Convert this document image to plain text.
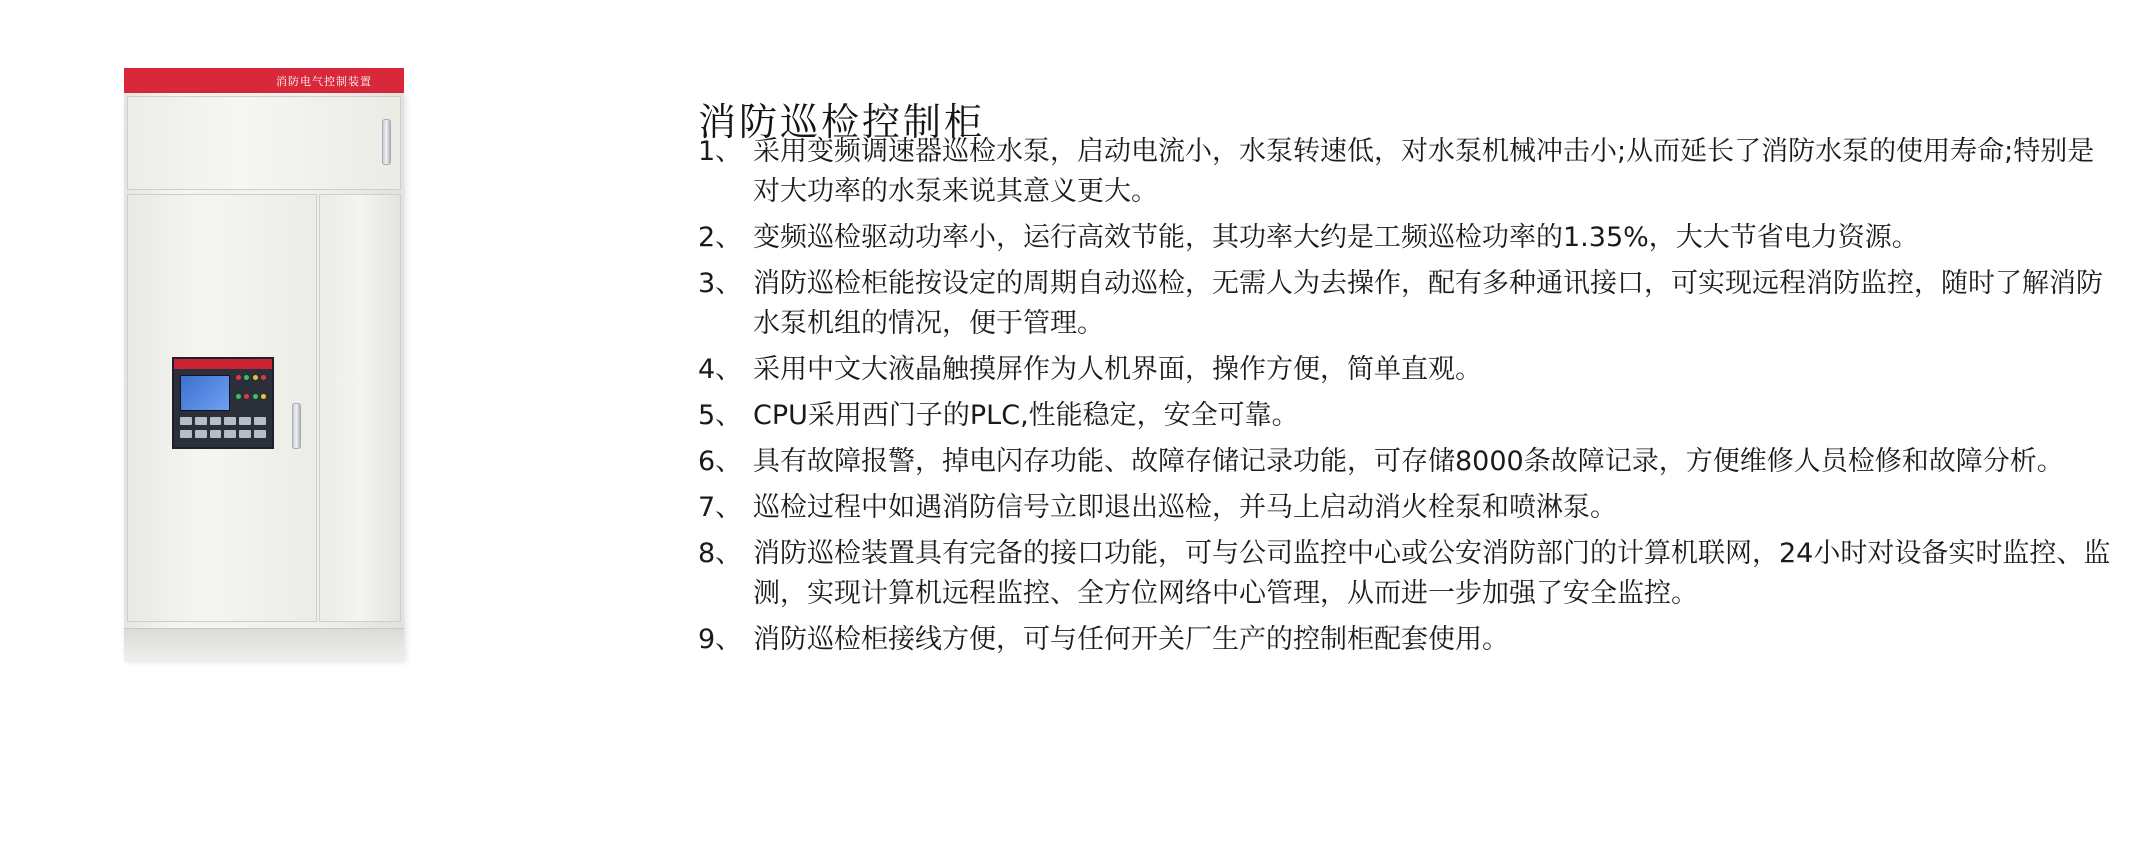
消防电气控制装置
消防巡检控制柜
1、 采用变频调速器巡检水泵，启动电流小，水泵转速低，对水泵机械冲击小;从而延长了消防水泵的使用寿命;特别是对大功率的水泵来说其意义更大。
2、 变频巡检驱动功率小，运行高效节能，其功率大约是工频巡检功率的1.35%，大大节省电力资源。
3、 消防巡检柜能按设定的周期自动巡检，无需人为去操作，配有多种通讯接口，可实现远程消防监控，随时了解消防水泵机组的情况，便于管理。
4、 采用中文大液晶触摸屏作为人机界面，操作方便，简单直观。
5、 CPU采用西门子的PLC,性能稳定，安全可靠。
6、 具有故障报警，掉电闪存功能、故障存储记录功能，可存储8000条故障记录，方便维修人员检修和故障分析。
7、 巡检过程中如遇消防信号立即退出巡检，并马上启动消火栓泵和喷淋泵。
8、 消防巡检装置具有完备的接口功能，可与公司监控中心或公安消防部门的计算机联网，24小时对设备实时监控、监测，实现计算机远程监控、全方位网络中心管理，从而进一步加强了安全监控。
9、 消防巡检柜接线方便，可与任何开关厂生产的控制柜配套使用。
